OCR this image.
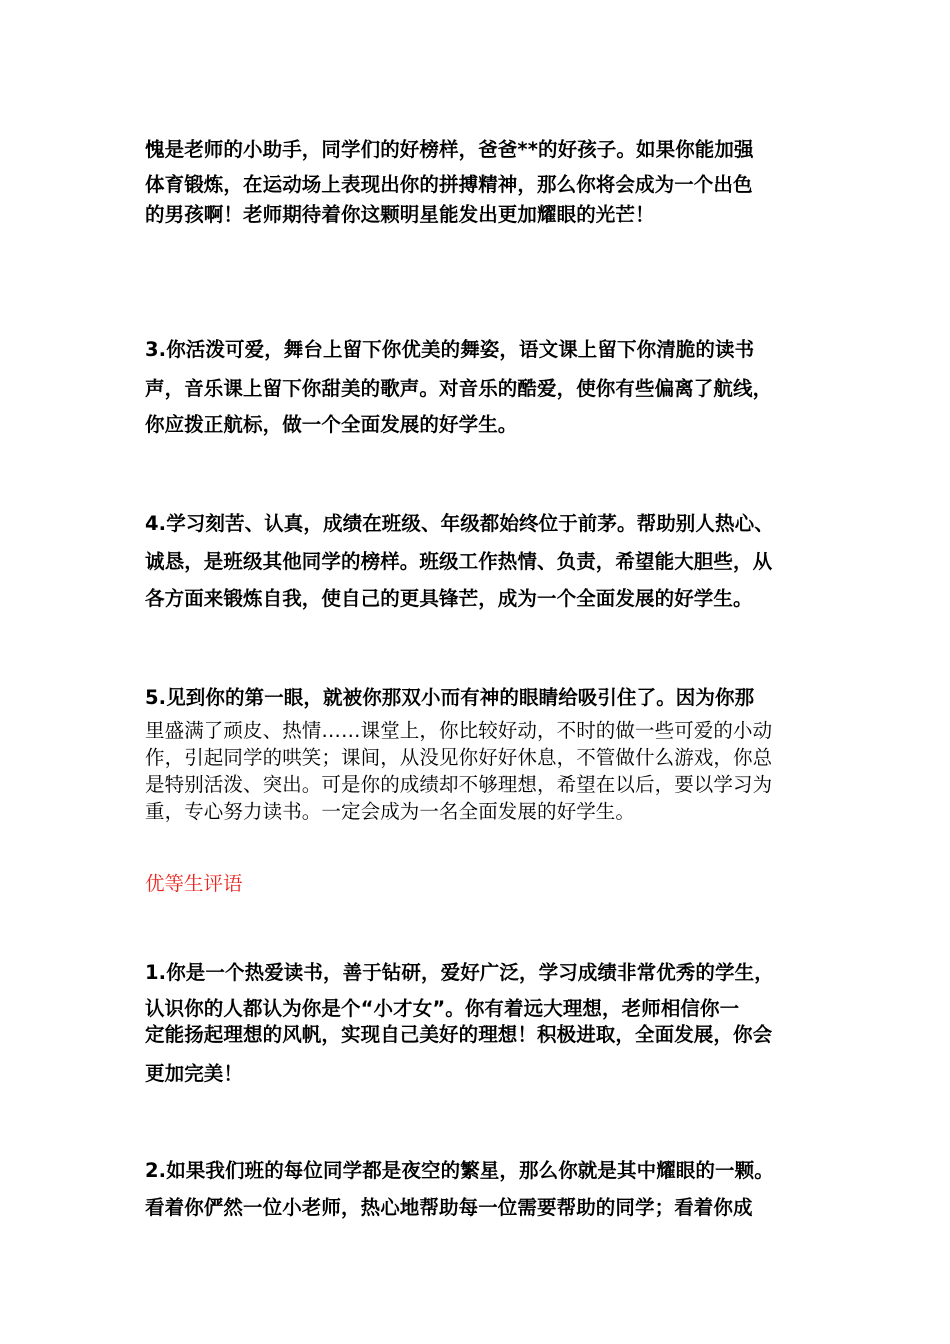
愧是老师的小助手，同学们的好榜样，爸爸**的好孩子。如果你能加强
体育锻炼，在运动场上表现出你的拼搏精神，那么你将会成为一个出色
的男孩啊！老师期待着你这颗明星能发出更加耀眼的光芒！
3.你活泼可爱，舞台上留下你优美的舞姿，语文课上留下你清脆的读书
声，音乐课上留下你甜美的歌声。对音乐的酷爱，使你有些偏离了航线，
你应拨正航标，做一个全面发展的好学生。
4.学习刻苦、认真，成绩在班级、年级都始终位于前茅。帮助别人热心、
诚恳，是班级其他同学的榜样。班级工作热情、负责，希望能大胆些，从
各方面来锻炼自我，使自己的更具锋芒，成为一个全面发展的好学生。
5.见到你的第一眼，就被你那双小而有神的眼睛给吸引住了。因为你那
里盛满了顽皮、热情……课堂上，你比较好动，不时的做一些可爱的小动
作，引起同学的哄笑；课间，从没见你好好休息，不管做什么游戏，你总
是特别活泼、突出。可是你的成绩却不够理想，希望在以后，要以学习为
重，专心努力读书。一定会成为一名全面发展的好学生。
优等生评语
1.你是一个热爱读书，善于钻研，爱好广泛，学习成绩非常优秀的学生，
认识你的人都认为你是个“小才女”。你有着远大理想，老师相信你一
定能扬起理想的风帆，实现自己美好的理想！积极进取，全面发展，你会
更加完美！
2.如果我们班的每位同学都是夜空的繁星，那么你就是其中耀眼的一颗。
看着你俨然一位小老师，热心地帮助每一位需要帮助的同学；看着你成
